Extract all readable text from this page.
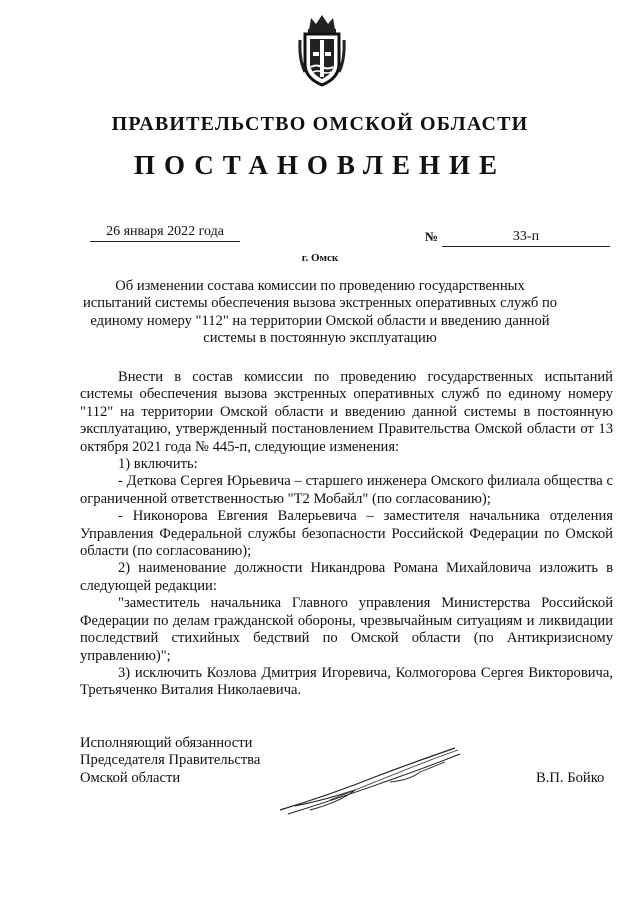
ПРАВИТЕЛЬСТВО ОМСКОЙ ОБЛАСТИ
ПОСТАНОВЛЕНИЕ
26 января 2022 года	№	33-п
г. Омск
Об изменении состава комиссии по проведению государственных испытаний системы обеспечения вызова экстренных оперативных служб по единому номеру "112" на территории Омской области и введению данной системы в постоянную эксплуатацию

Внести в состав комиссии по проведению государственных испытаний системы обеспечения вызова экстренных оперативных служб по единому номеру "112" на территории Омской области и введению данной системы в постоянную эксплуатацию, утвержденный постановлением Правительства Омской области от 13 октября 2021 года № 445-п, следующие изменения:

1) включить:

- Деткова Сергея Юрьевича – старшего инженера Омского филиала общества с ограниченной ответственностью "Т2 Мобайл" (по согласованию);

- Никонорова Евгения Валерьевича – заместителя начальника отделения Управления Федеральной службы безопасности Российской Федерации по Омской области (по согласованию);

2) наименование должности Никандрова Романа Михайловича изложить в следующей редакции:

"заместитель начальника Главного управления Министерства Российской Федерации по делам гражданской обороны, чрезвычайным ситуациям и ликвидации последствий стихийных бедствий по Омской области (по Антикризисному управлению)";

3) исключить Козлова Дмитрия Игоревича, Колмогорова Сергея Викторовича, Третьяченко Виталия Николаевича.

Исполняющий обязанности
Председателя Правительства
Омской области	В.П. Бойко
